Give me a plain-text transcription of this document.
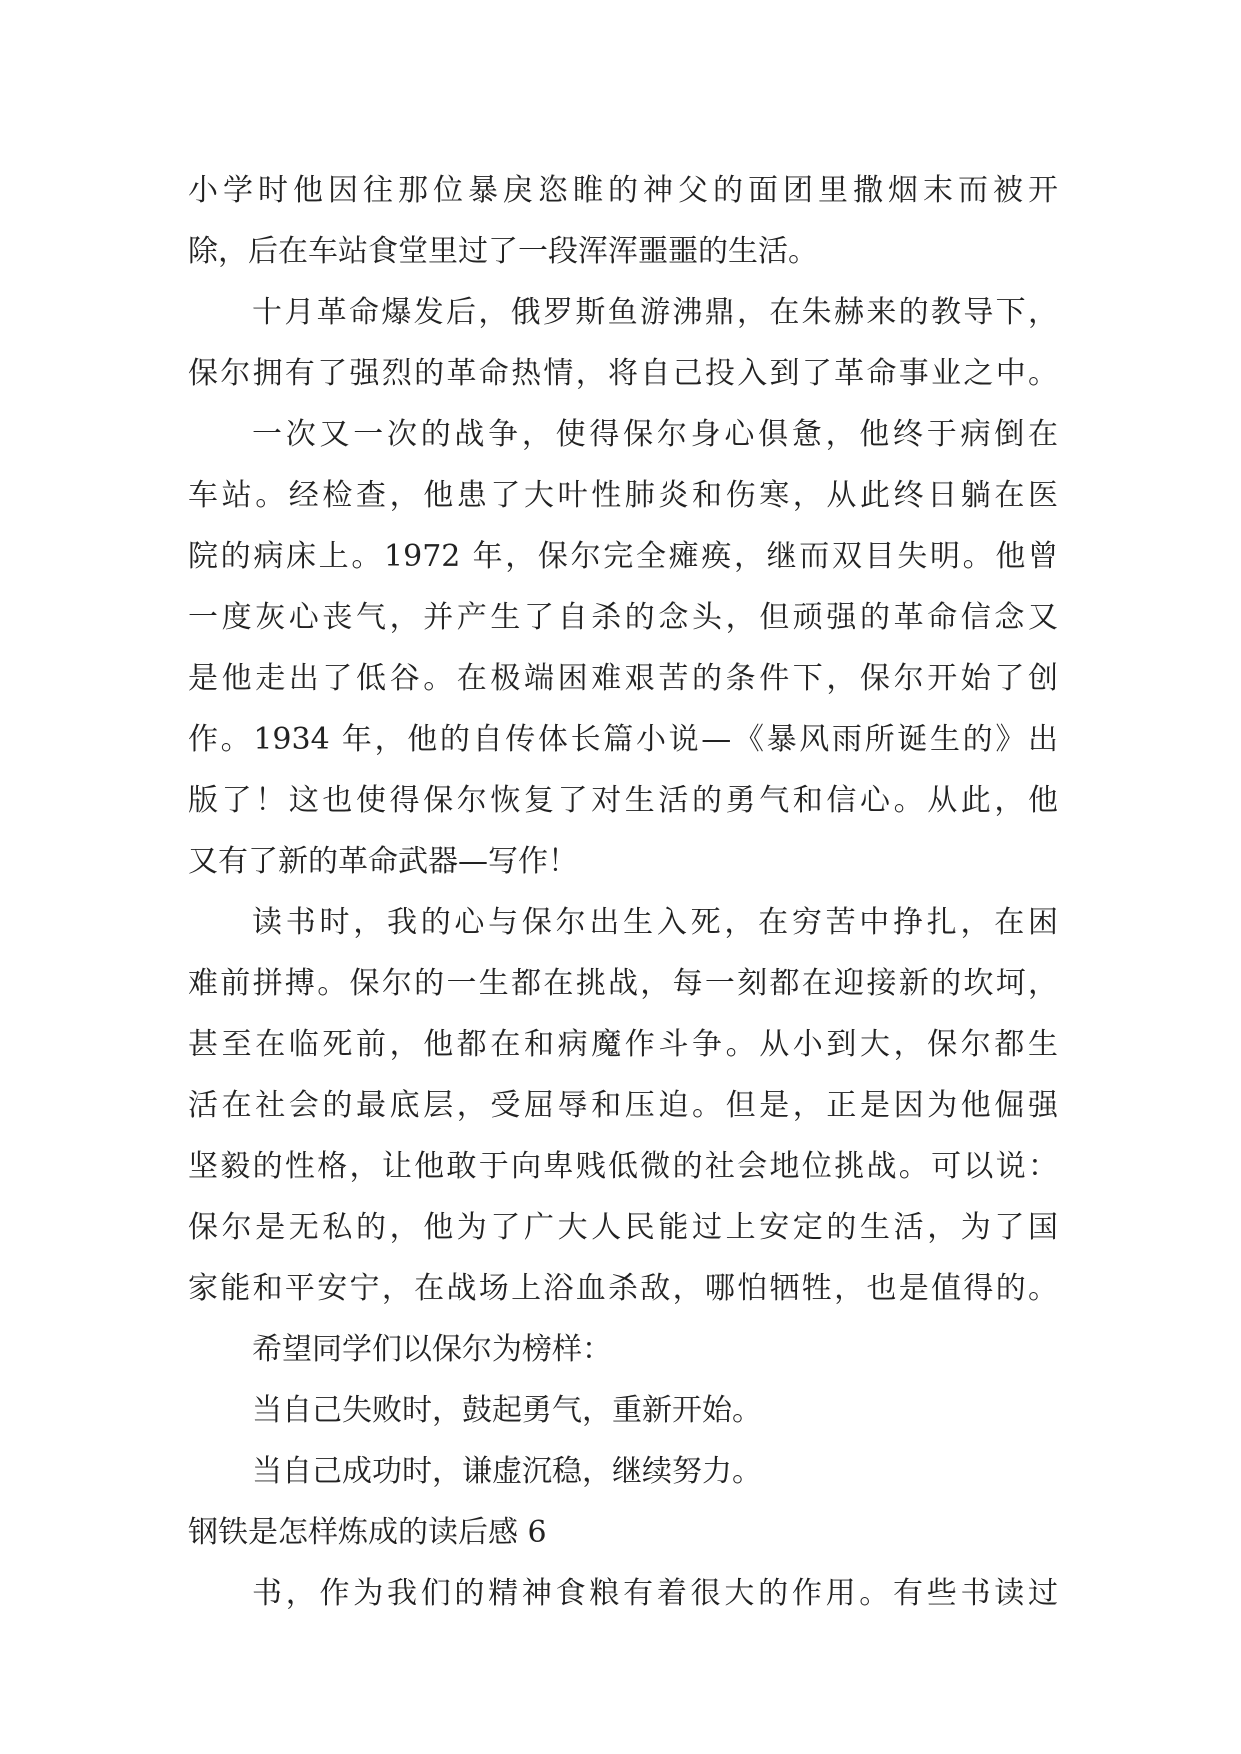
小学时他因往那位暴戾恣睢的神父的面团里撒烟末而被开
除，后在车站食堂里过了一段浑浑噩噩的生活。
十月革命爆发后，俄罗斯鱼游沸鼎，在朱赫来的教导下，
保尔拥有了强烈的革命热情，将自己投入到了革命事业之中。
一次又一次的战争，使得保尔身心俱惫，他终于病倒在
车站。经检查，他患了大叶性肺炎和伤寒，从此终日躺在医
院的病床上。1972 年，保尔完全瘫痪，继而双目失明。他曾
一度灰心丧气，并产生了自杀的念头，但顽强的革命信念又
是他走出了低谷。在极端困难艰苦的条件下，保尔开始了创
作。1934 年，他的自传体长篇小说—《暴风雨所诞生的》出
版了！这也使得保尔恢复了对生活的勇气和信心。从此，他
又有了新的革命武器—写作！
读书时，我的心与保尔出生入死，在穷苦中挣扎，在困
难前拼搏。保尔的一生都在挑战，每一刻都在迎接新的坎坷，
甚至在临死前，他都在和病魔作斗争。从小到大，保尔都生
活在社会的最底层，受屈辱和压迫。但是，正是因为他倔强
坚毅的性格，让他敢于向卑贱低微的社会地位挑战。可以说：
保尔是无私的，他为了广大人民能过上安定的生活，为了国
家能和平安宁，在战场上浴血杀敌，哪怕牺牲，也是值得的。
希望同学们以保尔为榜样：
当自己失败时，鼓起勇气，重新开始。
当自己成功时，谦虚沉稳，继续努力。
钢铁是怎样炼成的读后感 6
书，作为我们的精神食粮有着很大的作用。有些书读过
